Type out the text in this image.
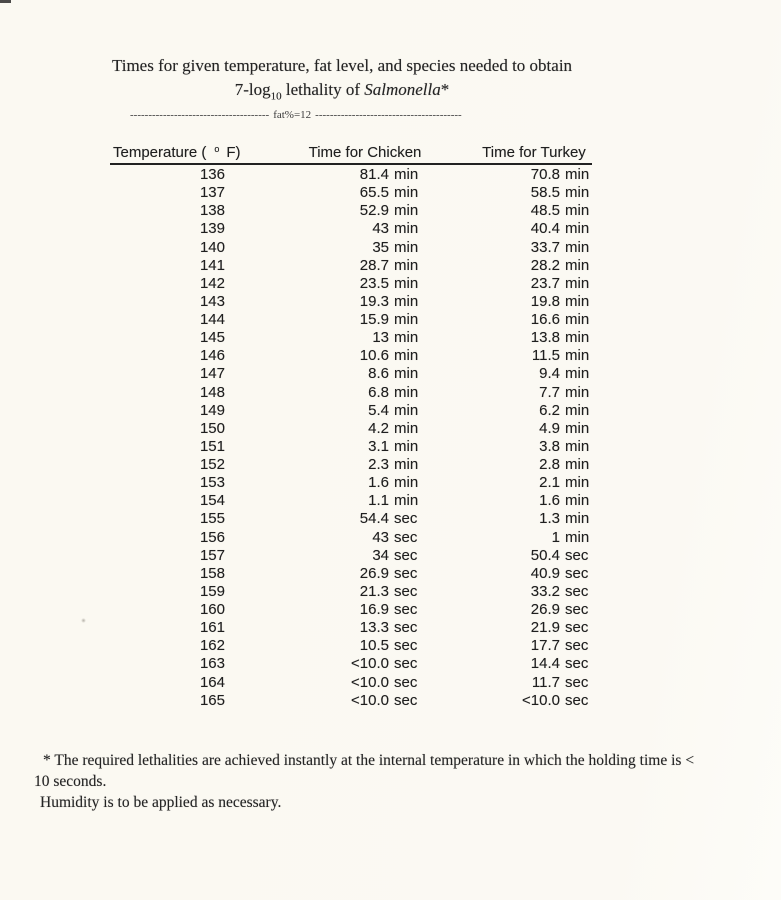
Times for given temperature, fat level, and species needed to obtain
$7-\log_{10}$ lethality of Salmonella*
-------------------------------------- fat%=12 ----------------------------------------
Temperature ( $^o$ F)	Time for Chicken	Time for Turkey
136	81.4 min	70.8 min
137	65.5 min	58.5 min
138	52.9 min	48.5 min
139	43 min	40.4 min
140	35 min	33.7 min
141	28.7 min	28.2 min
142	23.5 min	23.7 min
143	19.3 min	19.8 min
144	15.9 min	16.6 min
145	13 min	13.8 min
146	10.6 min	11.5 min
147	8.6 min	9.4 min
148	6.8 min	7.7 min
149	5.4 min	6.2 min
150	4.2 min	4.9 min
151	3.1 min	3.8 min
152	2.3 min	2.8 min
153	1.6 min	2.1 min
154	1.1 min	1.6 min
155	54.4 sec	1.3 min
156	43 sec	1 min
157	34 sec	50.4 sec
158	26.9 sec	40.9 sec
159	21.3 sec	33.2 sec
160	16.9 sec	26.9 sec
161	13.3 sec	21.9 sec
162	10.5 sec	17.7 sec
163	<10.0 sec	14.4 sec
164	<10.0 sec	11.7 sec
165	<10.0 sec	<10.0 sec
* The required lethalities are achieved instantly at the internal temperature in which the holding time is <
10 seconds.
Humidity is to be applied as necessary.
